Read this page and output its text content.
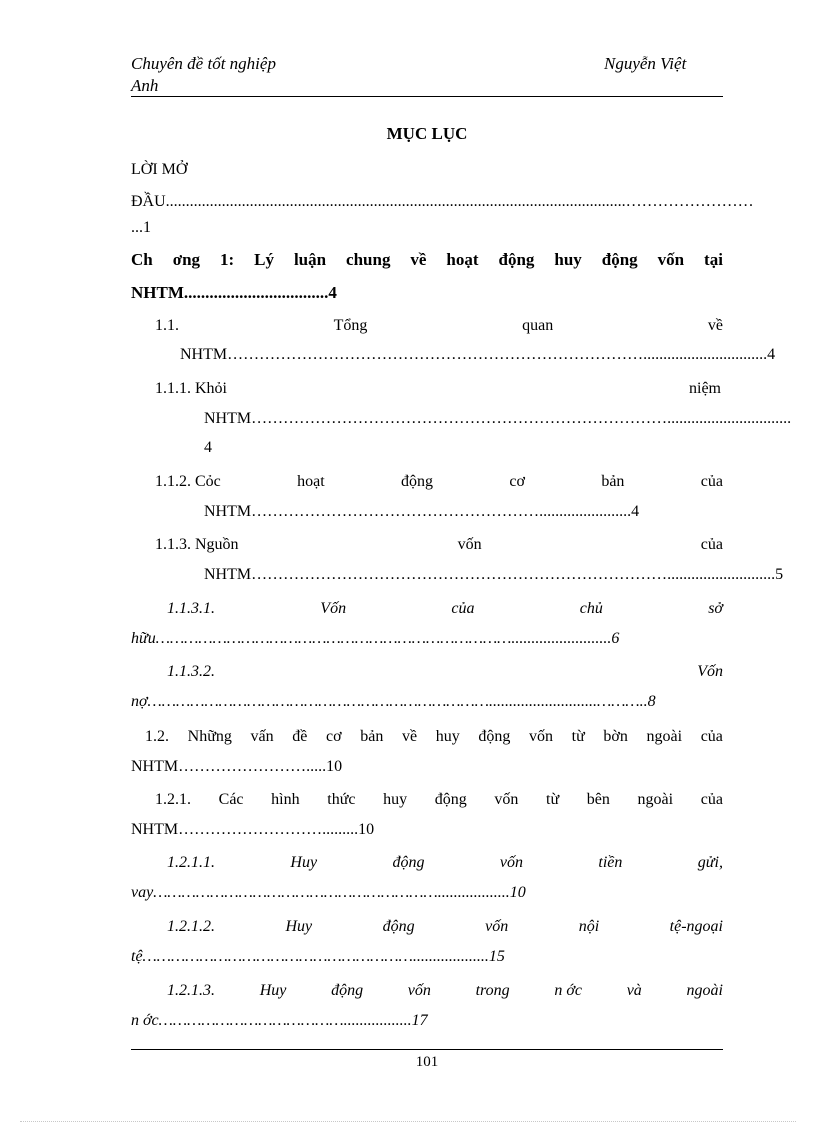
Chuyên đề tốt nghiệp
Anh
Nguyễn Việt
MỤC LỤC
LỜI MỞ
ĐẦU...................................................................................................................……………………
...1
Ch ơng 1: Lý luận chung về hoạt động huy động vốn tại
NHTM..................................4
1.1.	Tổng	quan	về
NHTM……………………………………………………………………...............................4
1.1.1. Khỏi	niệm
NHTM……………………………………………………………………...............................
4
1.1.2. Cỏc	hoạt	động	cơ	bản	của
NHTM……………………………………………….......................4
1.1.3. Nguồn	vốn	của
NHTM……………………………………………………………………...........................5
1.1.3.1.	Vốn	của	chủ	sở
hữu………………………………………………………………….........................6
1.1.3.2.	Vốn
nợ………………………………………………………………...........................………..8
1.2. Những vấn đề cơ bản về huy động vốn từ bờn ngoài của
NHTM…………………….....10
1.2.1. Các hình thức huy động vốn từ bên ngoài của
NHTM……………………….........10
1.2.1.1.	Huy	động	vốn	tiền	gửi,
vay……………………………………………………..................10
1.2.1.2.	Huy	động	vốn	nội	tệ-ngoại
tệ…………………………………………………...................15
1.2.1.3.	Huy	động	vốn	trong	n ớc	và	ngoài
n ớc………………………………….................17
101
